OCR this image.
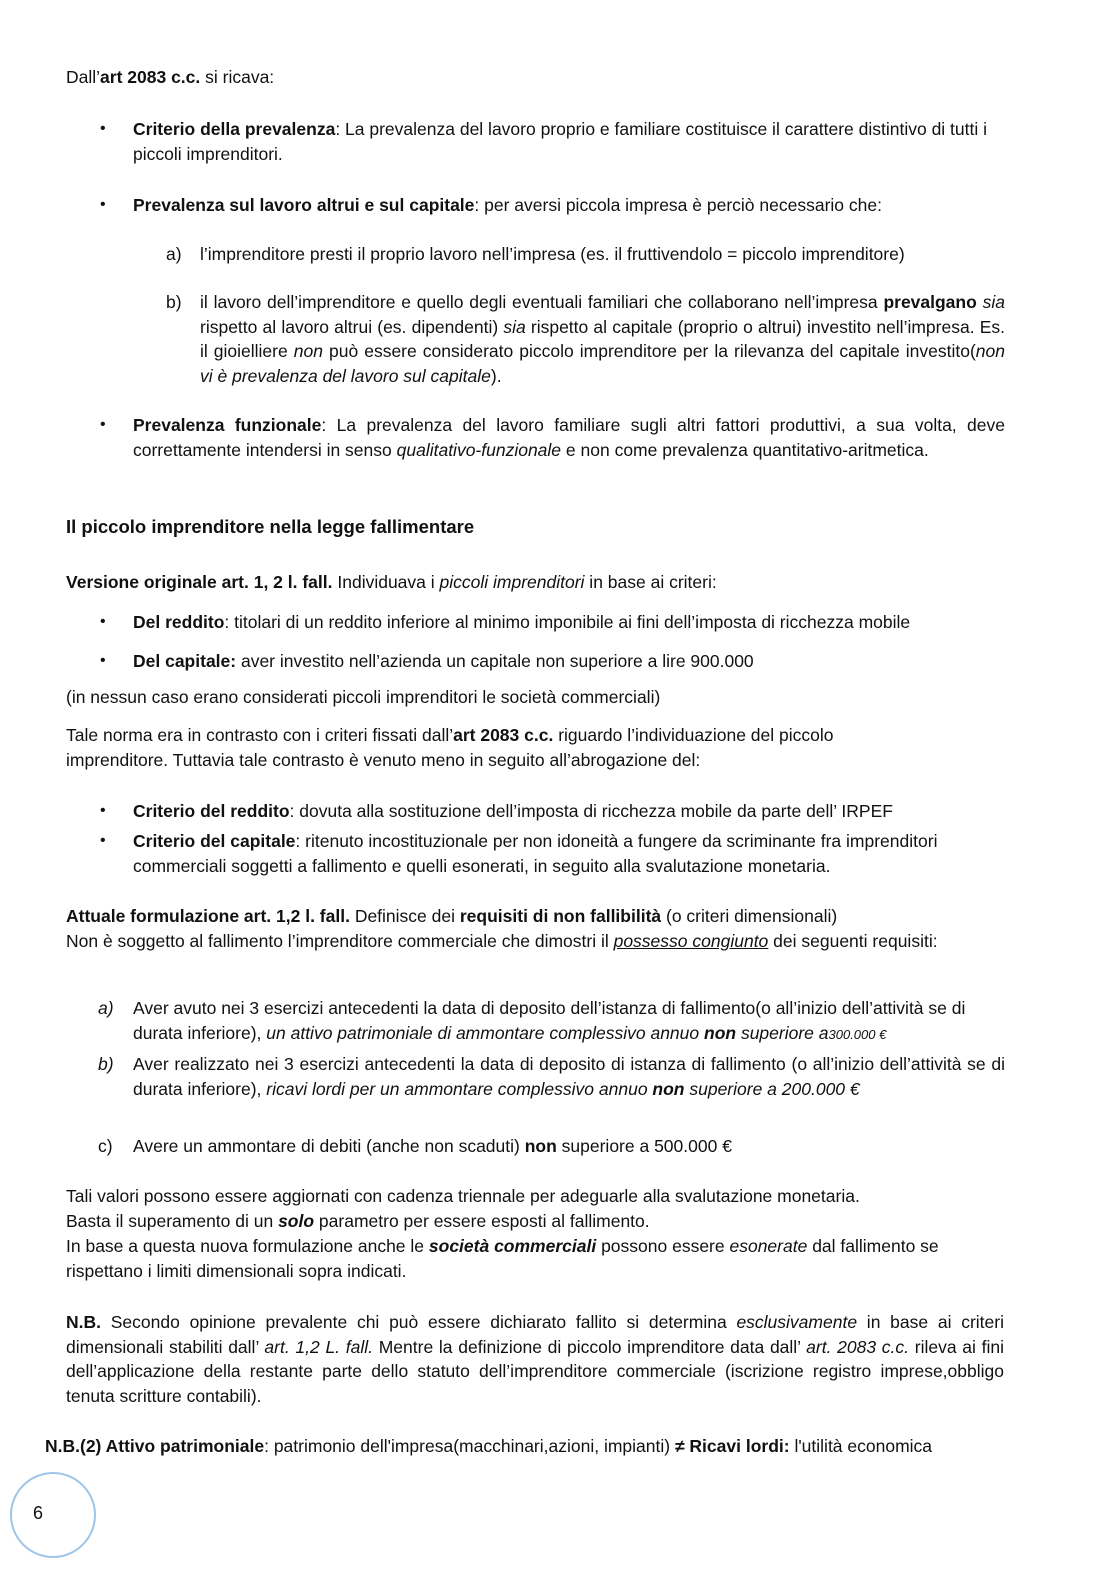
Dall’art 2083 c.c. si ricava:
• Criterio della prevalenza: La prevalenza del lavoro proprio e familiare costituisce il carattere distintivo di tutti i piccoli imprenditori.
• Prevalenza sul lavoro altrui e sul capitale: per aversi piccola impresa è perciò necessario che:
a)	l’imprenditore presti il proprio lavoro nell’impresa (es. il fruttivendolo = piccolo imprenditore)
b)	il lavoro dell’imprenditore e quello degli eventuali familiari che collaborano nell’impresa prevalgano sia rispetto al lavoro altrui (es. dipendenti) sia rispetto al capitale (proprio o altrui) investito nell’impresa. Es. il gioielliere non può essere considerato piccolo imprenditore per la rilevanza del capitale investito(non vi è prevalenza del lavoro sul capitale).
• Prevalenza funzionale: La prevalenza del lavoro familiare sugli altri fattori produttivi, a sua volta, deve correttamente intendersi in senso qualitativo-funzionale e non come prevalenza quantitativo-aritmetica.
Il piccolo imprenditore nella legge fallimentare
Versione originale art. 1, 2 l. fall. Individuava i piccoli imprenditori in base ai criteri:
• Del reddito: titolari di un reddito inferiore al minimo imponibile ai fini dell’imposta di ricchezza mobile
• Del capitale: aver investito nell’azienda un capitale non superiore a lire 900.000
(in nessun caso erano considerati piccoli imprenditori le società commerciali)
Tale norma era in contrasto con i criteri fissati dall’art 2083 c.c. riguardo l’individuazione del piccolo imprenditore. Tuttavia tale contrasto è venuto meno in seguito all’abrogazione del:
• Criterio del reddito: dovuta alla sostituzione dell’imposta di ricchezza mobile da parte dell’ IRPEF
• Criterio del capitale: ritenuto incostituzionale per non idoneità a fungere da scriminante fra imprenditori commerciali soggetti a fallimento e quelli esonerati, in seguito alla svalutazione monetaria.
Attuale formulazione art. 1,2 l. fall. Definisce dei requisiti di non fallibilità (o criteri dimensionali)
Non è soggetto al fallimento l’imprenditore commerciale che dimostri il possesso congiunto dei seguenti requisiti:
a)	Aver avuto nei 3 esercizi antecedenti la data di deposito dell’istanza di fallimento(o all’inizio dell’attività se di durata inferiore), un attivo patrimoniale di ammontare complessivo annuo non superiore a300.000 €
b)	Aver realizzato nei 3 esercizi antecedenti la data di deposito di istanza di fallimento (o all’inizio dell’attività se di durata inferiore), ricavi lordi per un ammontare complessivo annuo non superiore a 200.000 €
c)	Avere un ammontare di debiti (anche non scaduti) non superiore a 500.000 €
Tali valori possono essere aggiornati con cadenza triennale per adeguarle alla svalutazione monetaria.
Basta il superamento di un solo parametro per essere esposti al fallimento.
In base a questa nuova formulazione anche le società commerciali possono essere esonerate dal fallimento se rispettano i limiti dimensionali sopra indicati.
N.B. Secondo opinione prevalente chi può essere dichiarato fallito si determina esclusivamente in base ai criteri dimensionali stabiliti dall’ art. 1,2 L. fall. Mentre la definizione di piccolo imprenditore data dall’ art. 2083 c.c. rileva ai fini dell’applicazione della restante parte dello statuto dell’imprenditore commerciale (iscrizione registro imprese,obbligo tenuta scritture contabili).
N.B.(2) Attivo patrimoniale: patrimonio dell'impresa(macchinari,azioni, impianti) ≠ Ricavi lordi: l'utilità economica
6
